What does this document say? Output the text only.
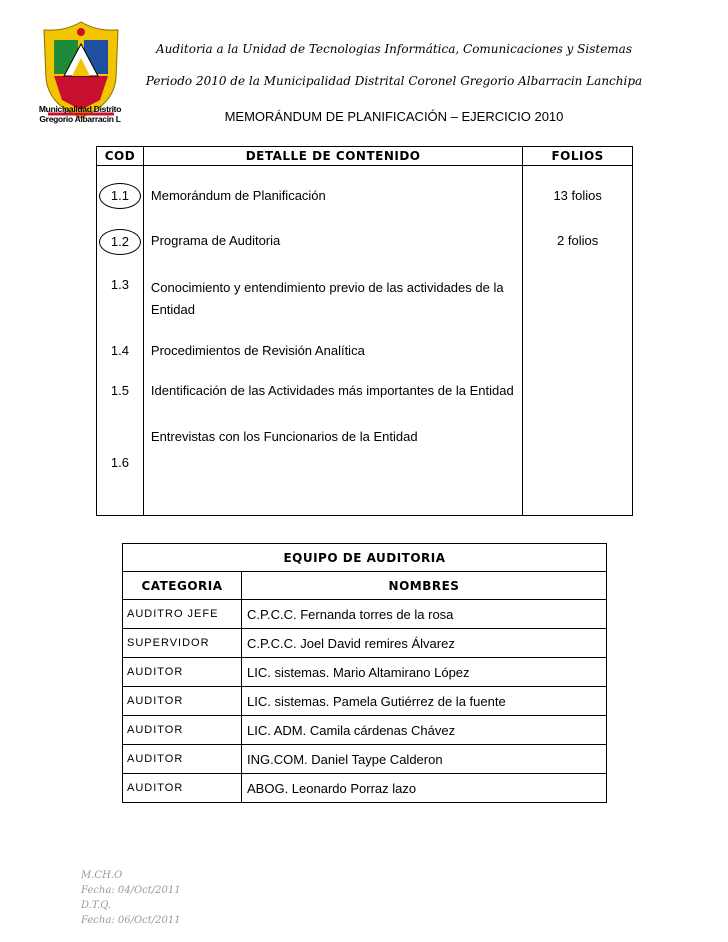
Municipalidad Distrito
Gregorio Albarracin L
Auditoria a la Unidad de Tecnologias Informática, Comunicaciones y Sistemas
Periodo 2010 de la Municipalidad Distrital Coronel Gregorio Albarracin Lanchipa
MEMORÁNDUM DE PLANIFICACIÓN – EJERCICIO 2010
COD	DETALLE DE CONTENIDO	FOLIOS
1.1	Memorándum de Planificación	13 folios
1.2	Programa de Auditoria	2 folios
1.3	Conocimiento y entendimiento previo de las actividades de la
Entidad	

1.4	Procedimientos de Revisión Analítica	
1.5	Identificación de las Actividades más importantes de la Entidad	
1.6	Entrevistas con los Funcionarios de la Entidad	
EQUIPO DE AUDITORIA	
CATEGORIA	NOMBRES
AUDITRO JEFE	C.P.C.C. Fernanda torres de la rosa
SUPERVIDOR	C.P.C.C. Joel David remires Álvarez
AUDITOR	LIC. sistemas. Mario Altamirano López
AUDITOR	LIC. sistemas. Pamela Gutiérrez de la fuente
AUDITOR	LIC. ADM. Camila cárdenas Chávez
AUDITOR	ING.COM. Daniel Taype Calderon
AUDITOR	ABOG. Leonardo Porraz lazo
M.CH.O
Fecha: 04/Oct/2011
D.T.Q.
Fecha: 06/Oct/2011
